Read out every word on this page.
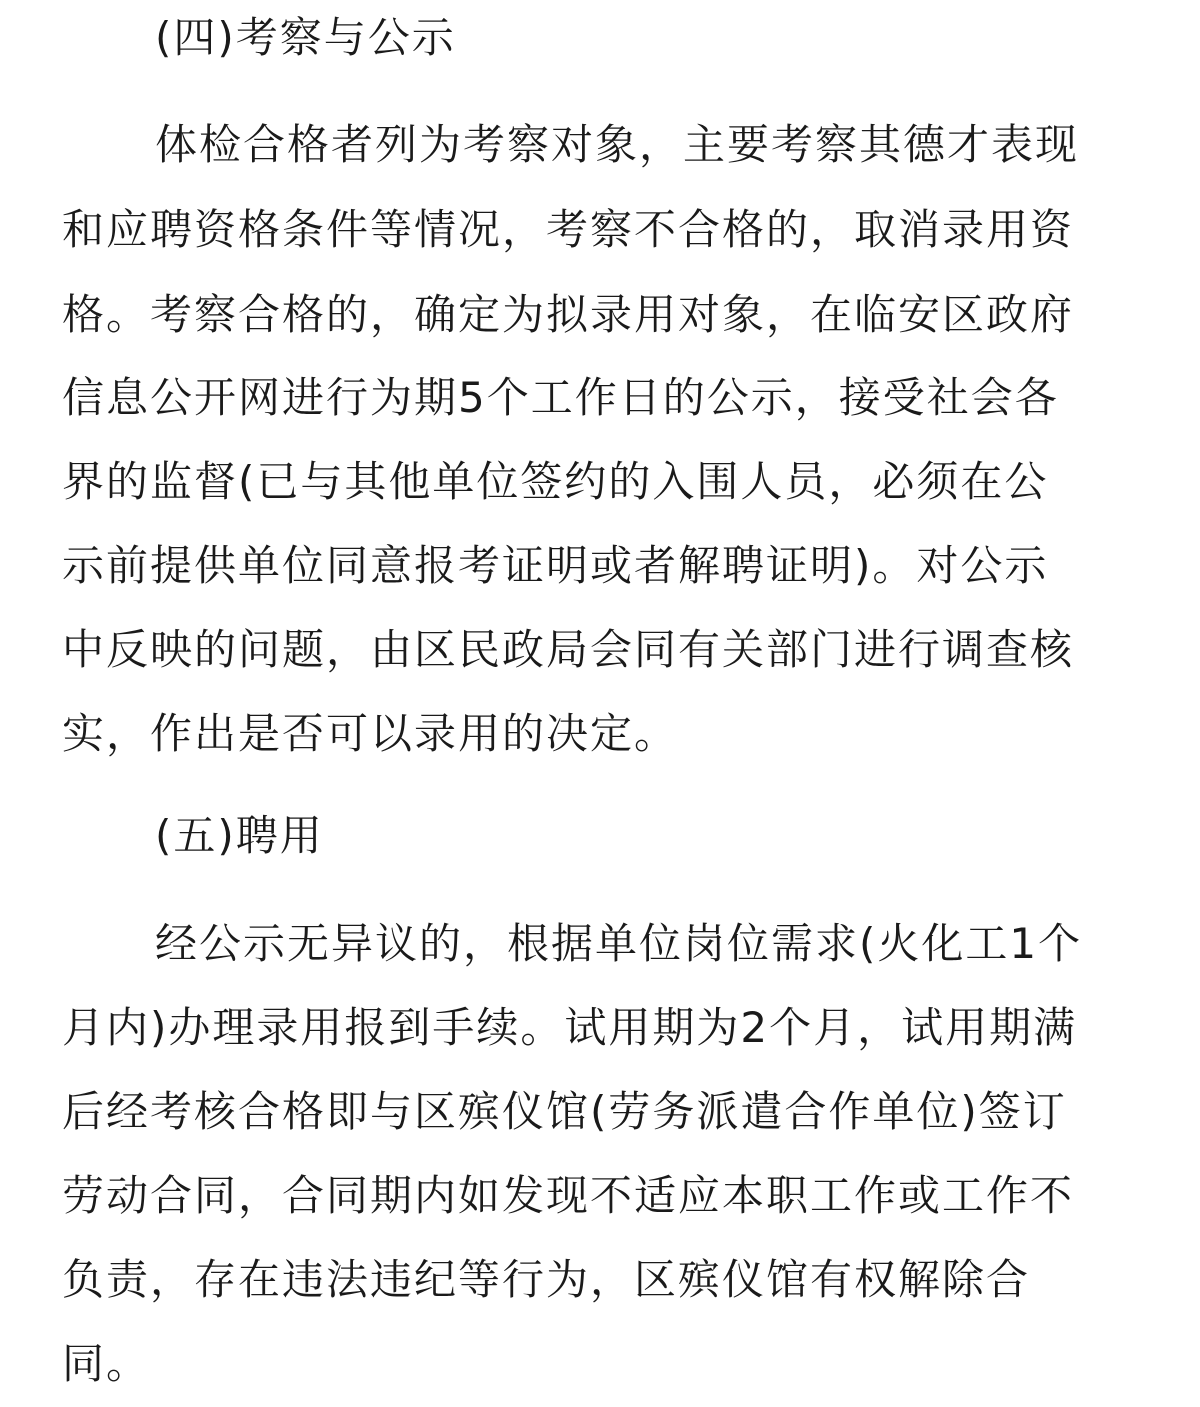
(四)考察与公示
体检合格者列为考察对象，主要考察其德才表现
和应聘资格条件等情况，考察不合格的，取消录用资
格。考察合格的，确定为拟录用对象，在临安区政府
信息公开网进行为期5个工作日的公示，接受社会各
界的监督(已与其他单位签约的入围人员，必须在公
示前提供单位同意报考证明或者解聘证明)。对公示
中反映的问题，由区民政局会同有关部门进行调查核
实，作出是否可以录用的决定。
(五)聘用
经公示无异议的，根据单位岗位需求(火化工1个
月内)办理录用报到手续。试用期为2个月，试用期满
后经考核合格即与区殡仪馆(劳务派遣合作单位)签订
劳动合同，合同期内如发现不适应本职工作或工作不
负责，存在违法违纪等行为，区殡仪馆有权解除合
同。
